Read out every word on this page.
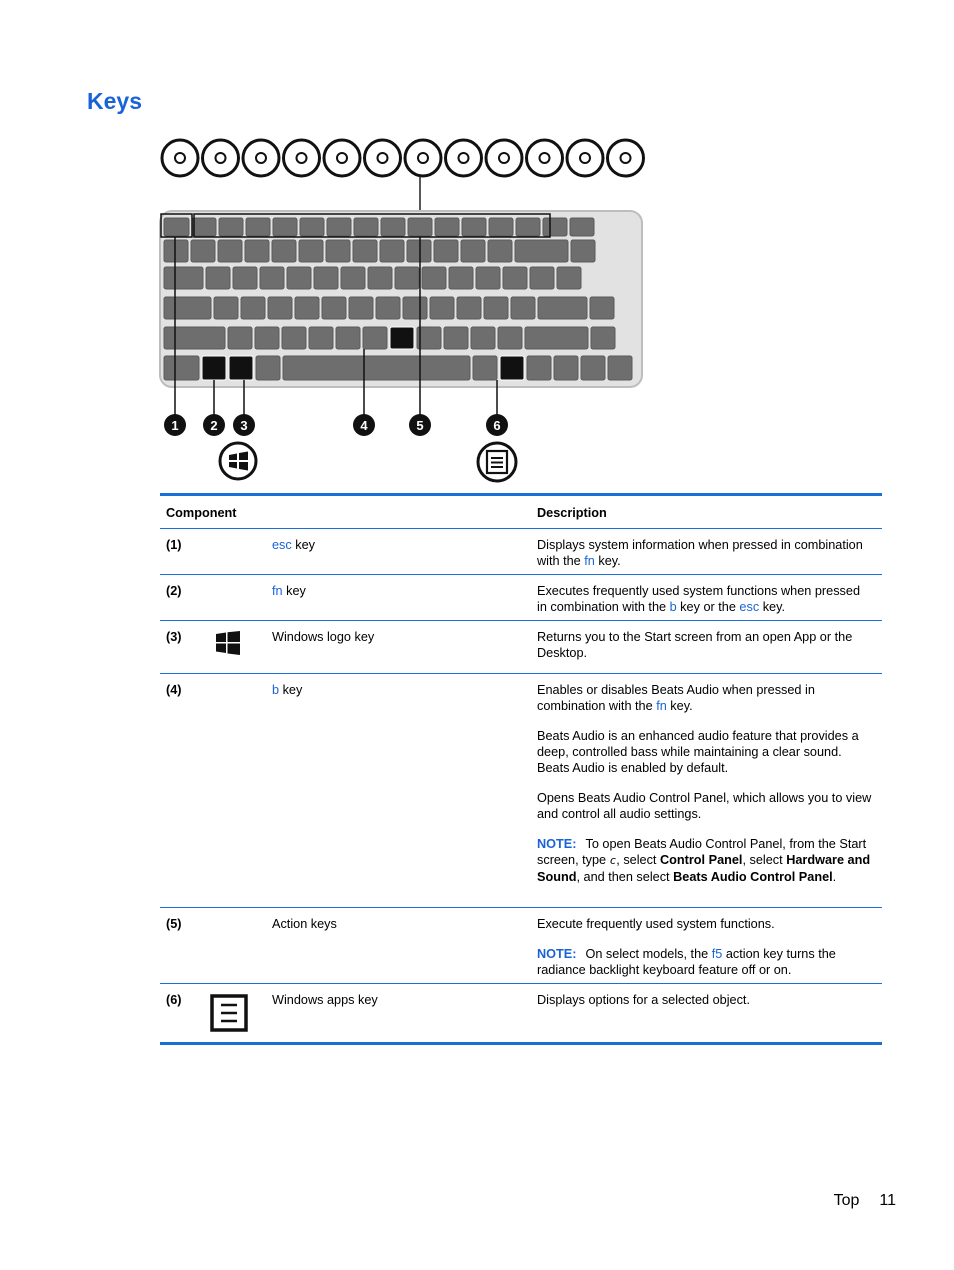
Keys
1 2 3	4	5	6
Component	Description
(1)	esc key	Displays system information when pressed in combination with the fn key.

(2)	fn key	Executes frequently used system functions when pressed in combination with the b key or the esc key.

(3)	Windows logo key	Returns you to the Start screen from an open App or the Desktop.

(4)	b key	Enables or disables Beats Audio when pressed in combination with the fn key.

Beats Audio is an enhanced audio feature that provides a deep, controlled bass while maintaining a clear sound. Beats Audio is enabled by default.

Opens Beats Audio Control Panel, which allows you to view and control all audio settings.

NOTE: To open Beats Audio Control Panel, from the Start screen, type c, select Control Panel, select Hardware and Sound, and then select Beats Audio Control Panel.

(5)	Action keys	Execute frequently used system functions.

NOTE: On select models, the f5 action key turns the radiance backlight keyboard feature off or on.

(6)	Windows apps key	Displays options for a selected object.

Top 11
